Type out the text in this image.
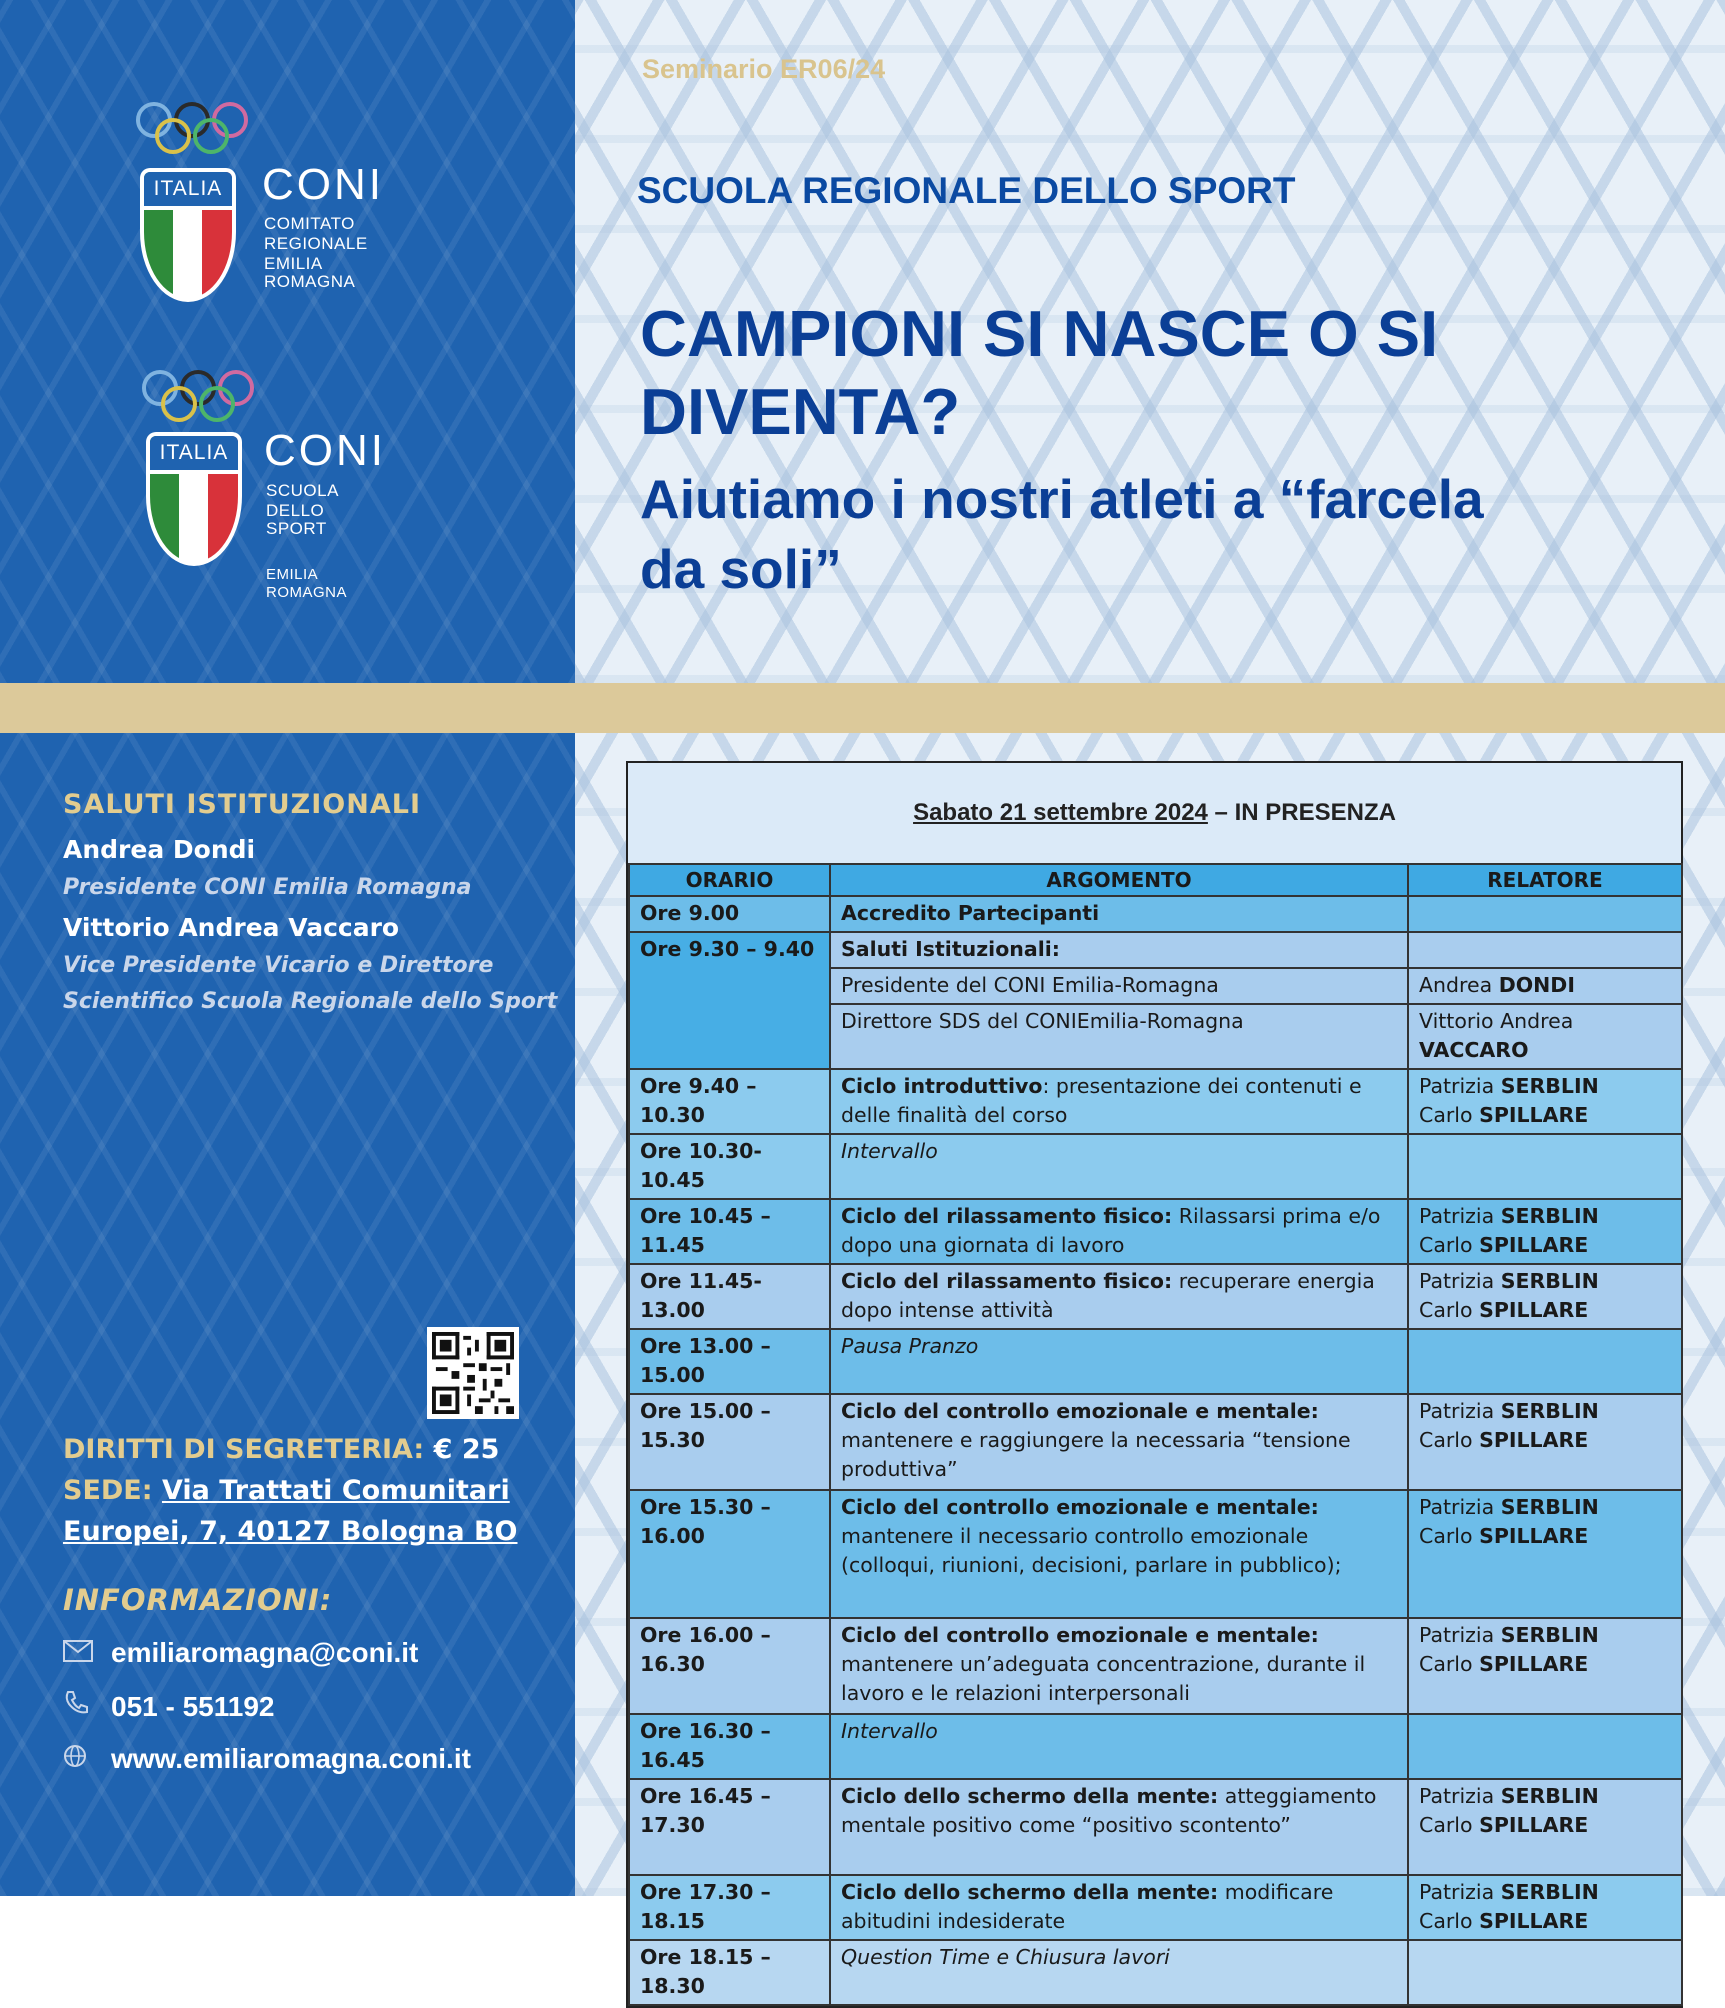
ITALIA CONI
COMITATO
REGIONALE
EMILIA ROMAGNA
ITALIA CONI
SCUOLA
DELLO SPORT
EMILIA ROMAGNA
Seminario ER06/24
SCUOLA REGIONALE DELLO SPORT
CAMPIONI SI NASCE O SI
DIVENTA?
Aiutiamo i nostri atleti a “farcela
da soli”
SALUTI ISTITUZIONALI
Andrea Dondi
Presidente CONI Emilia Romagna
Vittorio Andrea Vaccaro
Vice Presidente Vicario e Direttore
Scientifico Scuola Regionale dello Sport
DIRITTI DI SEGRETERIA: € 25
SEDE: Via Trattati Comunitari
Europei, 7, 40127 Bologna BO
INFORMAZIONI:
emiliaromagna@coni.it
051 - 551192
www.emiliaromagna.coni.it
Sabato 21 settembre 2024 – IN PRESENZA
ORARIO	ARGOMENTO	RELATORE
Ore 9.00	Accredito Partecipanti	
Ore 9.30 – 9.40	Saluti Istituzionali:	
	Presidente del CONI Emilia-Romagna	Andrea DONDI
	Direttore SDS del CONIEmilia-Romagna	Vittorio Andrea
VACCARO

Ore 9.40 – 10.30	Ciclo introduttivo: presentazione dei contenuti e delle finalità del corso	Patrizia SERBLIN
Carlo SPILLARE

Ore 10.30-10.45	Intervallo	
Ore 10.45 – 11.45	Ciclo del rilassamento fisico: Rilassarsi prima e/o dopo una giornata di lavoro	Patrizia SERBLIN
Carlo SPILLARE

Ore 11.45- 13.00	Ciclo del rilassamento fisico: recuperare energia dopo intense attività	Patrizia SERBLIN
Carlo SPILLARE

Ore 13.00 – 15.00	Pausa Pranzo	
Ore 15.00 – 15.30	Ciclo del controllo emozionale e mentale: mantenere e raggiungere la necessaria “tensione produttiva”	Patrizia SERBLIN
Carlo SPILLARE

Ore 15.30 – 16.00	Ciclo del controllo emozionale e mentale: mantenere il necessario controllo emozionale (colloqui, riunioni, decisioni, parlare in pubblico);	Patrizia SERBLIN
Carlo SPILLARE

Ore 16.00 – 16.30	Ciclo del controllo emozionale e mentale: mantenere un’adeguata concentrazione, durante il lavoro e le relazioni interpersonali	Patrizia SERBLIN
Carlo SPILLARE

Ore 16.30 – 16.45	Intervallo	
Ore 16.45 – 17.30	Ciclo dello schermo della mente: atteggiamento mentale positivo come “positivo scontento”	Patrizia SERBLIN
Carlo SPILLARE

Ore 17.30 – 18.15	Ciclo dello schermo della mente: modificare abitudini indesiderate	Patrizia SERBLIN
Carlo SPILLARE

Ore 18.15 – 18.30	Question Time e Chiusura lavori	
